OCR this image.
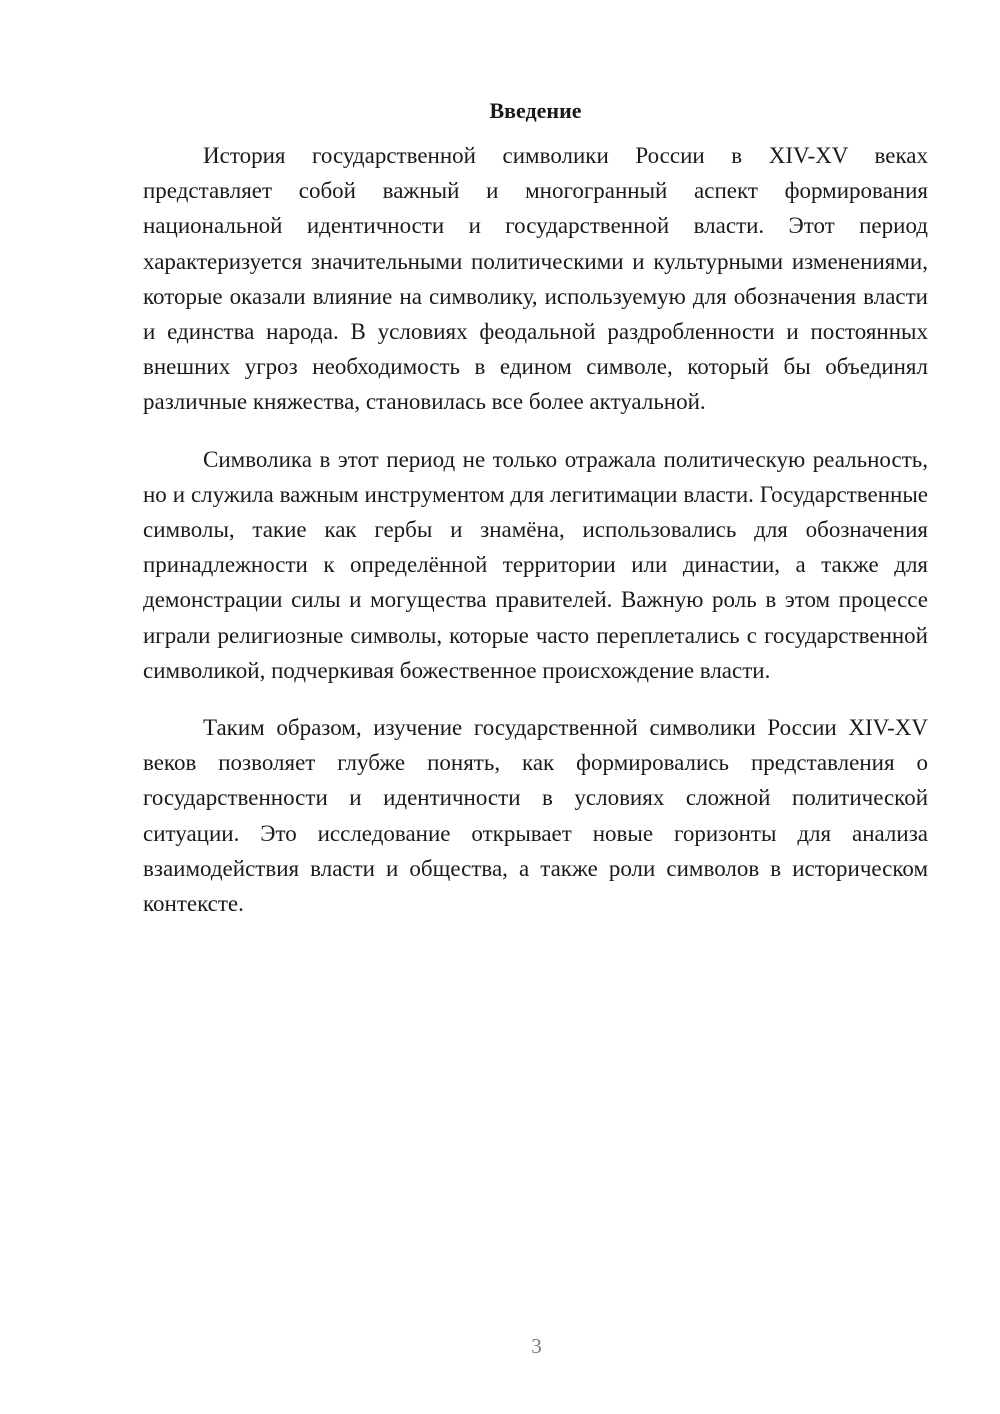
Введение

История государственной символики России в XIV-XV веках представляет собой важный и многогранный аспект формирования национальной идентичности и государственной власти. Этот период характеризуется значительными политическими и культурными изменениями, которые оказали влияние на символику, используемую для обозначения власти и единства народа. В условиях феодальной раздробленности и постоянных внешних угроз необходимость в едином символе, который бы объединял различные княжества, становилась все более актуальной.

Символика в этот период не только отражала политическую реальность, но и служила важным инструментом для легитимации власти. Государственные символы, такие как гербы и знамёна, использовались для обозначения принадлежности к определённой территории или династии, а также для демонстрации силы и могущества правителей. Важную роль в этом процессе играли религиозные символы, которые часто переплетались с государственной символикой, подчеркивая божественное происхождение власти.

Таким образом, изучение государственной символики России XIV-XV веков позволяет глубже понять, как формировались представления о государственности и идентичности в условиях сложной политической ситуации. Это исследование открывает новые горизонты для анализа взаимодействия власти и общества, а также роли символов в историческом контексте.

3
